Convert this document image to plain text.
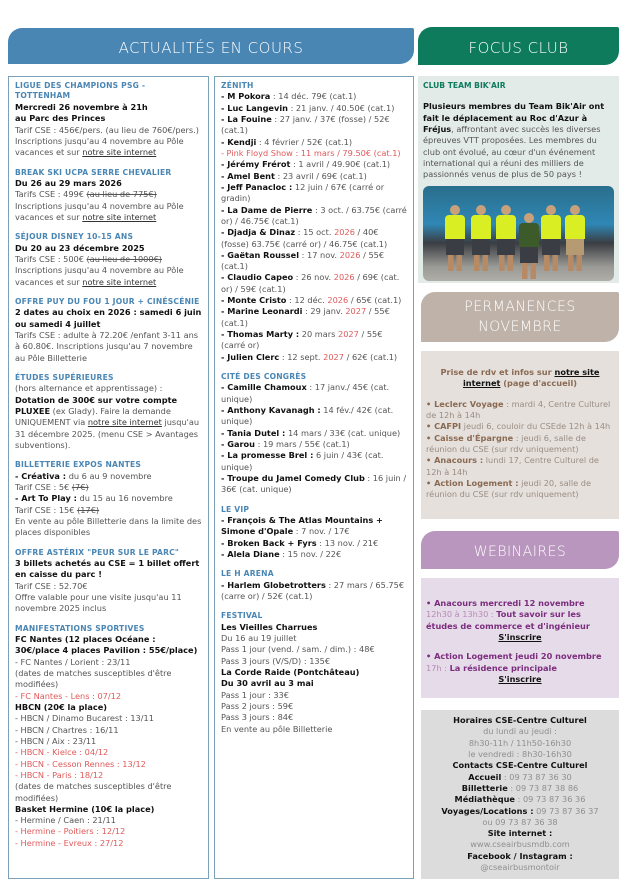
ACTUALITÉS EN COURS	FOCUS CLUB
LIGUE DES CHAMPIONS PSG - TOTTENHAM
Mercredi 26 novembre à 21h
au Parc des Princes
Tarif CSE : 456€/pers. (au lieu de 760€/pers.)
Inscriptions jusqu'au 4 novembre au Pôle vacances et sur notre site internet
BREAK SKI UCPA SERRE CHEVALIER
Du 26 au 29 mars 2026
Tarifs CSE : 499€ (au lieu de 775€)
Inscriptions jusqu'au 4 novembre au Pôle vacances et sur notre site internet
SÉJOUR DISNEY 10-15 ANS
Du 20 au 23 décembre 2025
Tarifs CSE : 500€ (au lieu de 1000€)
Inscriptions jusqu'au 4 novembre au Pôle vacances et sur notre site internet
OFFRE PUY DU FOU 1 JOUR + CINÉSCÉNIE
2 dates au choix en 2026 : samedi 6 juin ou samedi 4 juillet
Tarifs CSE : adulte à 72.20€ /enfant 3-11 ans à 60.80€. Inscriptions jusqu'au 7 novembre au Pôle Billetterie
ÉTUDES SUPÉRIEURES
(hors alternance et apprentissage) :
Dotation de 300€ sur votre compte PLUXEE (ex Glady). Faire la demande UNIQUEMENT via notre site internet jusqu'au 31 décembre 2025. (menu CSE > Avantages subventions).
BILLETTERIE EXPOS NANTES
- Créativa : du 6 au 9 novembre
Tarif CSE : 5€ (7€)
- Art To Play : du 15 au 16 novembre
Tarif CSE : 15€ (17€)
En vente au pôle Billetterie dans la limite des places disponibles
OFFRE ASTÉRIX "PEUR SUR LE PARC"
3 billets achetés au CSE = 1 billet offert en caisse du parc !
Tarif CSE : 52.70€
Offre valable pour une visite jusqu'au 11 novembre 2025 inclus
MANIFESTATIONS SPORTIVES
FC Nantes (12 places Océane : 30€/place 4 places Pavilion : 55€/place)
- FC Nantes / Lorient : 23/11
(dates de matches susceptibles d'être modifiées)
- FC Nantes - Lens : 07/12
HBCN (20€ la place)
- HBCN / Dinamo Bucarest : 13/11
- HBCN / Chartres : 16/11
- HBCN / Aix : 23/11
- HBCN - Kielce : 04/12
- HBCN - Cesson Rennes : 13/12
- HBCN - Paris : 18/12
(dates de matches susceptibles d'être modifiées)
Basket Hermine (10€ la place)
- Hermine / Caen : 21/11
- Hermine - Poitiers : 12/12
- Hermine - Evreux : 27/12
ZÉNITH
- M Pokora : 14 déc. 79€ (cat.1)
- Luc Langevin : 21 janv. / 40.50€ (cat.1)
- La Fouine : 27 janv. / 37€ (fosse) / 52€ (cat.1)
- Kendji : 4 février / 52€ (cat.1)
- Pink Floyd Show : 11 mars / 79.50€ (cat.1)
- Jérémy Frérot : 1 avril / 49.90€ (cat.1)
- Amel Bent : 23 avril / 69€ (cat.1)
- Jeff Panacloc : 12 juin / 67€ (carré or gradin)
- La Dame de Pierre : 3 oct. / 63.75€ (carré or) / 46.75€ (cat.1)
- Djadja & Dinaz : 15 oct. 2026 / 40€ (fosse) 63.75€ (carré or) / 46.75€ (cat.1)
- Gaëtan Roussel : 17 nov. 2026 / 55€ (cat.1)
- Claudio Capeo : 26 nov. 2026 / 69€ (cat. or) / 59€ (cat.1)
- Monte Cristo : 12 déc. 2026 / 65€ (cat.1)
- Marine Leonardi : 29 janv. 2027 / 55€ (cat.1)
- Thomas Marty : 20 mars 2027 / 55€ (carré or)
- Julien Clerc : 12 sept. 2027 / 62€ (cat.1)
CITÉ DES CONGRÈS
- Camille Chamoux : 17 janv./ 45€ (cat. unique)
- Anthony Kavanagh : 14 fév./ 42€ (cat. unique)
- Tania Dutel : 14 mars / 33€ (cat. unique)
- Garou : 19 mars / 55€ (cat.1)
- La promesse Brel : 6 juin / 43€ (cat. unique)
- Troupe du Jamel Comedy Club : 16 juin / 36€ (cat. unique)
LE VIP
- François & The Atlas Mountains + Simone d'Opale : 7 nov. / 17€
- Broken Back + Fyrs : 13 nov. / 21€
- Alela Diane : 15 nov. / 22€
LE H ARENA
- Harlem Globetrotters : 27 mars / 65.75€ (carre or) / 52€ (cat.1)
FESTIVAL
Les Vieilles Charrues
Du 16 au 19 juillet
Pass 1 jour (vend. / sam. / dim.) : 48€
Pass 3 jours (V/S/D) : 135€
La Corde Raide (Pontchâteau)
Du 30 avril au 3 mai
Pass 1 jour : 33€
Pass 2 jours : 59€
Pass 3 jours : 84€
En vente au pôle Billetterie
CLUB TEAM BIK'AIR
Plusieurs membres du Team Bik'Air ont fait le déplacement au Roc d'Azur à Fréjus, affrontant avec succès les diverses épreuves VTT proposées. Les membres du club ont évolué, au cœur d'un événement international qui a réuni des milliers de passionnés venus de plus de 50 pays !
PERMANENCES NOVEMBRE
Prise de rdv et infos sur notre site internet (page d'accueil)
• Leclerc Voyage : mardi 4, Centre Culturel de 12h à 14h
• CAFPI jeudi 6, couloir du CSEde 12h à 14h
• Caisse d'Épargne : jeudi 6, salle de réunion du CSE (sur rdv uniquement)
• Anacours : lundi 17, Centre Culturel de 12h à 14h
• Action Logement : jeudi 20, salle de réunion du CSE (sur rdv uniquement)
WEBINAIRES
• Anacours mercredi 12 novembre
12h30 à 13h30 : Tout savoir sur les études de commerce et d'ingénieur
S'inscrire
• Action Logement jeudi 20 novembre
17h : La résidence principale
S'inscrire
Horaires CSE-Centre Culturel
du lundi au jeudi :
8h30-11h / 11h50-16h30
le vendredi : 8h30-16h30
Contacts CSE-Centre Culturel
Accueil : 09 73 87 36 30
Billetterie : 09 73 87 38 86
Médiathèque : 09 73 87 36 36
Voyages/Locations : 09 73 87 36 37
ou 09 73 87 36 38
Site internet :
www.cseairbusmdb.com
Facebook / Instagram :
@cseairbusmontoir
